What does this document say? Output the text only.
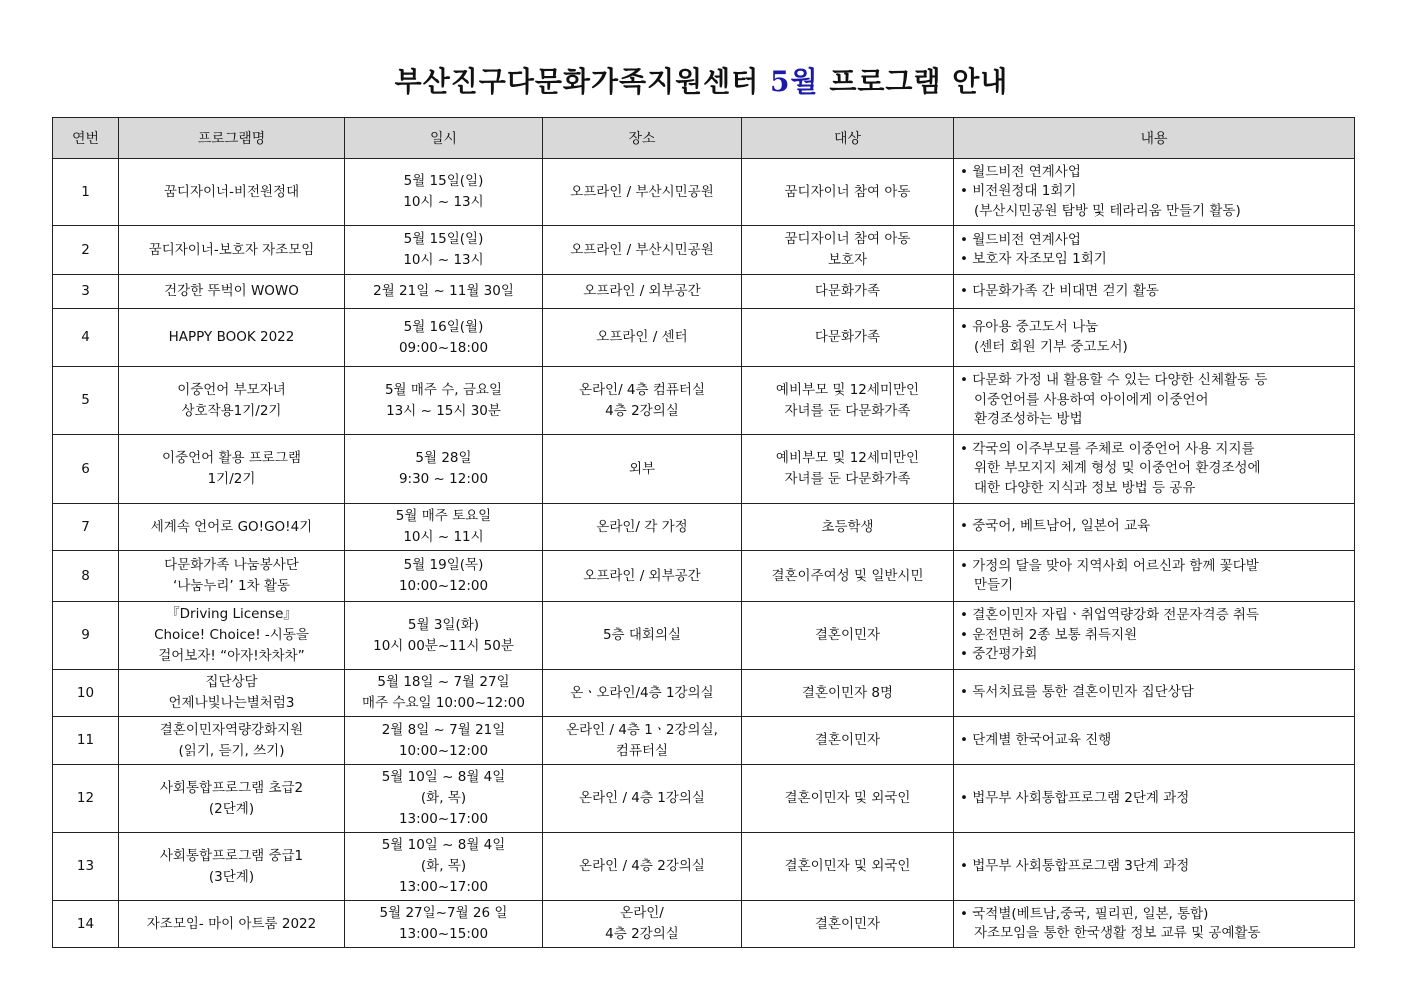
부산진구다문화가족지원센터 5월 프로그램 안내
연번	프로그램명	일시	장소	대상	내용
1	꿈디자이너-비전원정대	5월 15일(일)
10시 ~ 13시	오프라인 / 부산시민공원	꿈디자이너 참여 아동	• 월드비전 연계사업
• 비전원정대 1회기
(부산시민공원 탐방 및 테라리움 만들기 활동)

2	꿈디자이너-보호자 자조모임	5월 15일(일)
10시 ~ 13시	오프라인 / 부산시민공원	꿈디자이너 참여 아동
보호자	• 월드비전 연계사업
• 보호자 자조모임 1회기

3	건강한 뚜벅이 WOWO	2월 21일 ~ 11월 30일	오프라인 / 외부공간	다문화가족	• 다문화가족 간 비대면 걷기 활동

4	HAPPY BOOK 2022	5월 16일(월)
09:00~18:00	오프라인 / 센터	다문화가족	• 유아용 중고도서 나눔
(센터 회원 기부 중고도서)

5	이중언어 부모자녀
상호작용1기/2기	5월 매주 수, 금요일
13시 ~ 15시 30분	온라인/ 4층 컴퓨터실
4층 2강의실	예비부모 및 12세미만인
자녀를 둔 다문화가족	• 다문화 가정 내 활용할 수 있는 다양한 신체활동 등
이중언어를 사용하여 아이에게 이중언어
환경조성하는 방법

6	이중언어 활용 프로그램
1기/2기	5월 28일
9:30 ~ 12:00	외부	예비부모 및 12세미만인
자녀를 둔 다문화가족	• 각국의 이주부모를 주체로 이중언어 사용 지지를
위한 부모지지 체계 형성 및 이중언어 환경조성에
대한 다양한 지식과 정보 방법 등 공유

7	세계속 언어로 GO!GO!4기	5월 매주 토요일
10시 ~ 11시	온라인/ 각 가정	초등학생	• 중국어, 베트남어, 일본어 교육

8	다문화가족 나눔봉사단
‘나눔누리’ 1차 활동	5월 19일(목)
10:00~12:00	오프라인 / 외부공간	결혼이주여성 및 일반시민	• 가정의 달을 맞아 지역사회 어르신과 함께 꽃다발
만들기

9	『Driving License』
Choice! Choice! -시동을
걸어보자! “아자!차차차”	5월 3일(화)
10시 00분~11시 50분	5층 대회의실	결혼이민자	• 결혼이민자 자립ㆍ취업역량강화 전문자격증 취득
• 운전면허 2종 보통 취득지원
• 중간평가회

10	집단상담
언제나빛나는별처럼3	5월 18일 ~ 7월 27일
매주 수요일 10:00~12:00	온ㆍ오라인/4층 1강의실	결혼이민자 8명	• 독서치료를 통한 결혼이민자 집단상담

11	결혼이민자역량강화지원
(읽기, 듣기, 쓰기)	2월 8일 ~ 7월 21일
10:00~12:00	온라인 / 4층 1ㆍ2강의실,
컴퓨터실	결혼이민자	• 단계별 한국어교육 진행

12	사회통합프로그램 초급2
(2단계)	5월 10일 ~ 8월 4일
(화, 목)
13:00~17:00	온라인 / 4층 1강의실	결혼이민자 및 외국인	• 법무부 사회통합프로그램 2단계 과정

13	사회통합프로그램 중급1
(3단계)	5월 10일 ~ 8월 4일
(화, 목)
13:00~17:00	온라인 / 4층 2강의실	결혼이민자 및 외국인	• 법무부 사회통합프로그램 3단계 과정

14	자조모임- 마이 아트룸 2022	5월 27일~7월 26 일
13:00~15:00	온라인/
4층 2강의실	결혼이민자	• 국적별(베트남,중국, 필리핀, 일본, 통합)
자조모임을 통한 한국생활 정보 교류 및 공예활동
